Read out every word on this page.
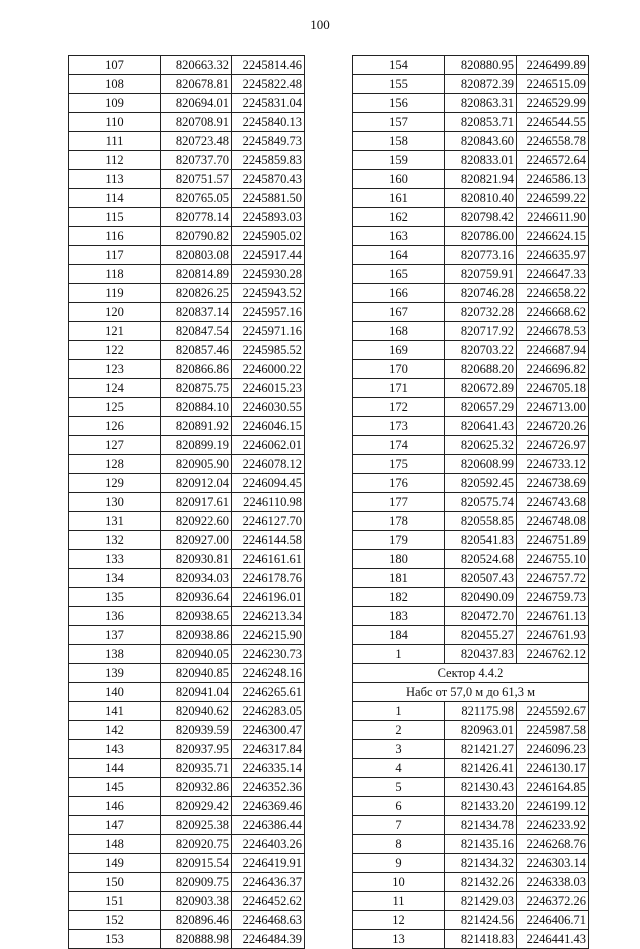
100
107	820663.32	2245814.46
108	820678.81	2245822.48
109	820694.01	2245831.04
110	820708.91	2245840.13
111	820723.48	2245849.73
112	820737.70	2245859.83
113	820751.57	2245870.43
114	820765.05	2245881.50
115	820778.14	2245893.03
116	820790.82	2245905.02
117	820803.08	2245917.44
118	820814.89	2245930.28
119	820826.25	2245943.52
120	820837.14	2245957.16
121	820847.54	2245971.16
122	820857.46	2245985.52
123	820866.86	2246000.22
124	820875.75	2246015.23
125	820884.10	2246030.55
126	820891.92	2246046.15
127	820899.19	2246062.01
128	820905.90	2246078.12
129	820912.04	2246094.45
130	820917.61	2246110.98
131	820922.60	2246127.70
132	820927.00	2246144.58
133	820930.81	2246161.61
134	820934.03	2246178.76
135	820936.64	2246196.01
136	820938.65	2246213.34
137	820938.86	2246215.90
138	820940.05	2246230.73
139	820940.85	2246248.16
140	820941.04	2246265.61
141	820940.62	2246283.05
142	820939.59	2246300.47
143	820937.95	2246317.84
144	820935.71	2246335.14
145	820932.86	2246352.36
146	820929.42	2246369.46
147	820925.38	2246386.44
148	820920.75	2246403.26
149	820915.54	2246419.91
150	820909.75	2246436.37
151	820903.38	2246452.62
152	820896.46	2246468.63
153	820888.98	2246484.39
154	820880.95	2246499.89
155	820872.39	2246515.09
156	820863.31	2246529.99
157	820853.71	2246544.55
158	820843.60	2246558.78
159	820833.01	2246572.64
160	820821.94	2246586.13
161	820810.40	2246599.22
162	820798.42	2246611.90
163	820786.00	2246624.15
164	820773.16	2246635.97
165	820759.91	2246647.33
166	820746.28	2246658.22
167	820732.28	2246668.62
168	820717.92	2246678.53
169	820703.22	2246687.94
170	820688.20	2246696.82
171	820672.89	2246705.18
172	820657.29	2246713.00
173	820641.43	2246720.26
174	820625.32	2246726.97
175	820608.99	2246733.12
176	820592.45	2246738.69
177	820575.74	2246743.68
178	820558.85	2246748.08
179	820541.83	2246751.89
180	820524.68	2246755.10
181	820507.43	2246757.72
182	820490.09	2246759.73
183	820472.70	2246761.13
184	820455.27	2246761.93
1	820437.83	2246762.12
Сектор 4.4.2		
Набс от 57,0 м до 61,3 м		
1	821175.98	2245592.67
2	820963.01	2245987.58
3	821421.27	2246096.23
4	821426.41	2246130.17
5	821430.43	2246164.85
6	821433.20	2246199.12
7	821434.78	2246233.92
8	821435.16	2246268.76
9	821434.32	2246303.14
10	821432.26	2246338.03
11	821429.03	2246372.26
12	821424.56	2246406.71
13	821418.83	2246441.43
